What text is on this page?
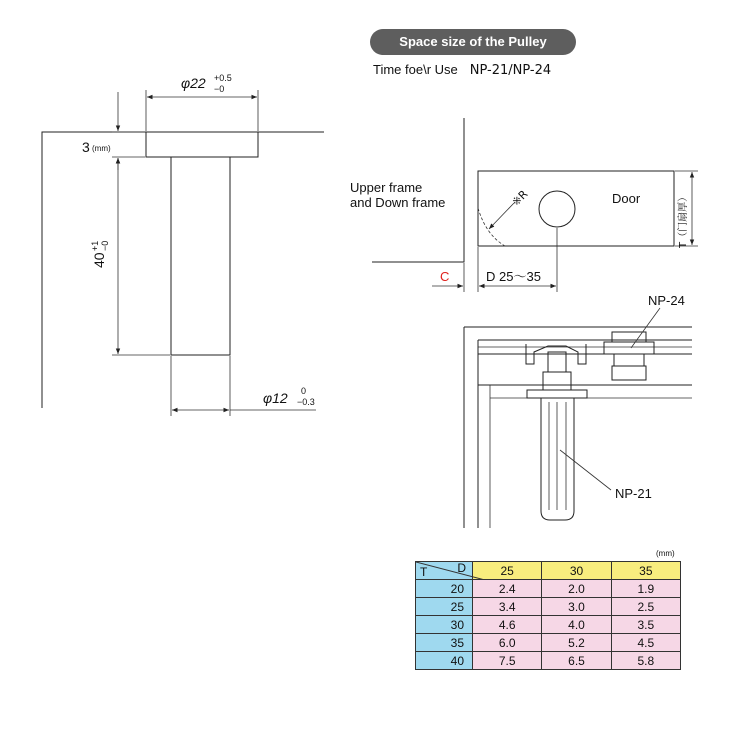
Space size of the Pulley
Time foe\r Use NP-21/NP-24
φ22 +0.5
−0
3 (mm)
40
+1 −0
φ12 0
−0.3
※R	Door
Upper frame
and Down frame	T（门扇厚）
C	D 25～35
NP-24
NP-21
(mm)
T D	25	30	35
20	2.4	2.0	1.9
25	3.4	3.0	2.5
30	4.6	4.0	3.5
35	6.0	5.2	4.5
40	7.5	6.5	5.8
